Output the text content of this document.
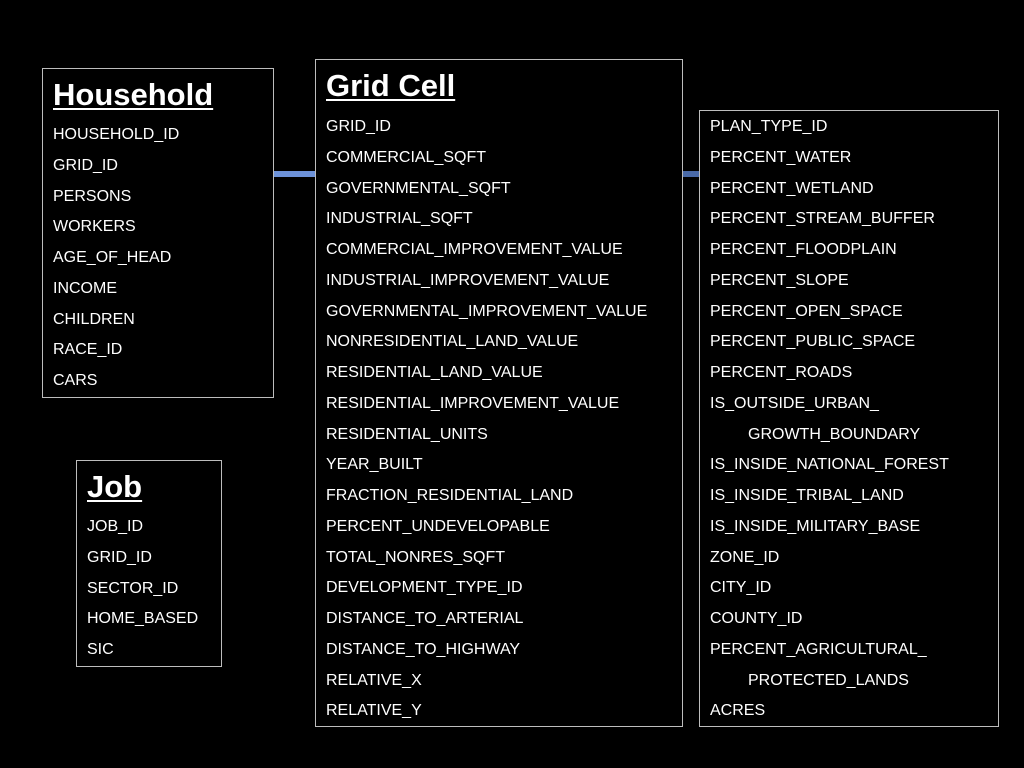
Household
HOUSEHOLD_ID
GRID_ID
PERSONS
WORKERS
AGE_OF_HEAD
INCOME
CHILDREN
RACE_ID
CARS
Job
JOB_ID
GRID_ID
SECTOR_ID
HOME_BASED
SIC
Grid Cell
GRID_ID
COMMERCIAL_SQFT
GOVERNMENTAL_SQFT
INDUSTRIAL_SQFT
COMMERCIAL_IMPROVEMENT_VALUE
INDUSTRIAL_IMPROVEMENT_VALUE
GOVERNMENTAL_IMPROVEMENT_VALUE
NONRESIDENTIAL_LAND_VALUE
RESIDENTIAL_LAND_VALUE
RESIDENTIAL_IMPROVEMENT_VALUE
RESIDENTIAL_UNITS
YEAR_BUILT
FRACTION_RESIDENTIAL_LAND
PERCENT_UNDEVELOPABLE
TOTAL_NONRES_SQFT
DEVELOPMENT_TYPE_ID
DISTANCE_TO_ARTERIAL
DISTANCE_TO_HIGHWAY
RELATIVE_X
RELATIVE_Y
PLAN_TYPE_ID
PERCENT_WATER
PERCENT_WETLAND
PERCENT_STREAM_BUFFER
PERCENT_FLOODPLAIN
PERCENT_SLOPE
PERCENT_OPEN_SPACE
PERCENT_PUBLIC_SPACE
PERCENT_ROADS
IS_OUTSIDE_URBAN_
GROWTH_BOUNDARY
IS_INSIDE_NATIONAL_FOREST
IS_INSIDE_TRIBAL_LAND
IS_INSIDE_MILITARY_BASE
ZONE_ID
CITY_ID
COUNTY_ID
PERCENT_AGRICULTURAL_
PROTECTED_LANDS
ACRES
